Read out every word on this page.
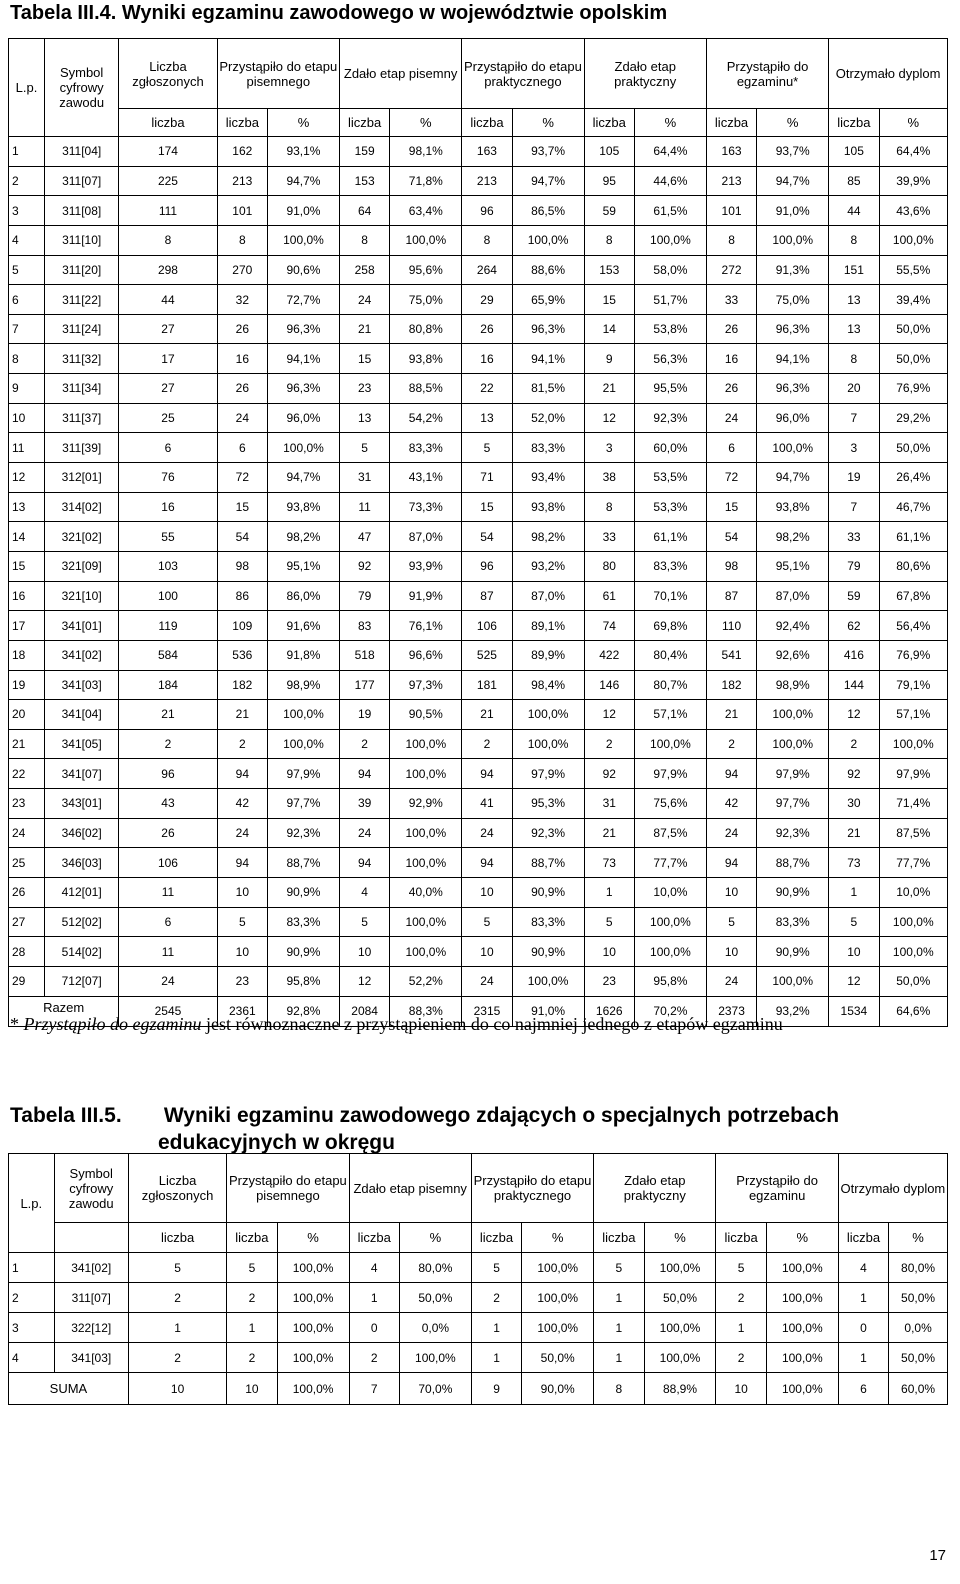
Tabela III.4. Wyniki egzaminu zawodowego w województwie opolskim
L.p.	Symbol cyfrowy zawodu	Liczba zgłoszonych	Przystąpiło do etapu pisemnego		Zdało etap pisemny		Przystąpiło do etapu praktycznego		Zdało etap praktyczny		Przystąpiło do egzaminu*		Otrzymało dyplom	
		liczba	liczba	%	liczba	%	liczba	%	liczba	%	liczba	%	liczba	%
1	311[04]	174	162	93,1%	159	98,1%	163	93,7%	105	64,4%	163	93,7%	105	64,4%
2	311[07]	225	213	94,7%	153	71,8%	213	94,7%	95	44,6%	213	94,7%	85	39,9%
3	311[08]	111	101	91,0%	64	63,4%	96	86,5%	59	61,5%	101	91,0%	44	43,6%
4	311[10]	8	8	100,0%	8	100,0%	8	100,0%	8	100,0%	8	100,0%	8	100,0%
5	311[20]	298	270	90,6%	258	95,6%	264	88,6%	153	58,0%	272	91,3%	151	55,5%
6	311[22]	44	32	72,7%	24	75,0%	29	65,9%	15	51,7%	33	75,0%	13	39,4%
7	311[24]	27	26	96,3%	21	80,8%	26	96,3%	14	53,8%	26	96,3%	13	50,0%
8	311[32]	17	16	94,1%	15	93,8%	16	94,1%	9	56,3%	16	94,1%	8	50,0%
9	311[34]	27	26	96,3%	23	88,5%	22	81,5%	21	95,5%	26	96,3%	20	76,9%
10	311[37]	25	24	96,0%	13	54,2%	13	52,0%	12	92,3%	24	96,0%	7	29,2%
11	311[39]	6	6	100,0%	5	83,3%	5	83,3%	3	60,0%	6	100,0%	3	50,0%
12	312[01]	76	72	94,7%	31	43,1%	71	93,4%	38	53,5%	72	94,7%	19	26,4%
13	314[02]	16	15	93,8%	11	73,3%	15	93,8%	8	53,3%	15	93,8%	7	46,7%
14	321[02]	55	54	98,2%	47	87,0%	54	98,2%	33	61,1%	54	98,2%	33	61,1%
15	321[09]	103	98	95,1%	92	93,9%	96	93,2%	80	83,3%	98	95,1%	79	80,6%
16	321[10]	100	86	86,0%	79	91,9%	87	87,0%	61	70,1%	87	87,0%	59	67,8%
17	341[01]	119	109	91,6%	83	76,1%	106	89,1%	74	69,8%	110	92,4%	62	56,4%
18	341[02]	584	536	91,8%	518	96,6%	525	89,9%	422	80,4%	541	92,6%	416	76,9%
19	341[03]	184	182	98,9%	177	97,3%	181	98,4%	146	80,7%	182	98,9%	144	79,1%
20	341[04]	21	21	100,0%	19	90,5%	21	100,0%	12	57,1%	21	100,0%	12	57,1%
21	341[05]	2	2	100,0%	2	100,0%	2	100,0%	2	100,0%	2	100,0%	2	100,0%
22	341[07]	96	94	97,9%	94	100,0%	94	97,9%	92	97,9%	94	97,9%	92	97,9%
23	343[01]	43	42	97,7%	39	92,9%	41	95,3%	31	75,6%	42	97,7%	30	71,4%
24	346[02]	26	24	92,3%	24	100,0%	24	92,3%	21	87,5%	24	92,3%	21	87,5%
25	346[03]	106	94	88,7%	94	100,0%	94	88,7%	73	77,7%	94	88,7%	73	77,7%
26	412[01]	11	10	90,9%	4	40,0%	10	90,9%	1	10,0%	10	90,9%	1	10,0%
27	512[02]	6	5	83,3%	5	100,0%	5	83,3%	5	100,0%	5	83,3%	5	100,0%
28	514[02]	11	10	90,9%	10	100,0%	10	90,9%	10	100,0%	10	90,9%	10	100,0%
29	712[07]	24	23	95,8%	12	52,2%	24	100,0%	23	95,8%	24	100,0%	12	50,0%
Razem		2545	2361	92,8%	2084	88,3%	2315	91,0%	1626	70,2%	2373	93,2%	1534	64,6%
* Przystąpiło do egzaminu jest równoznaczne z przystąpieniem do co najmniej jednego z etapów egzaminu
Tabela III.5. Wyniki egzaminu zawodowego zdających o specjalnych potrzebach
edukacyjnych w okręgu
L.p.	Symbol cyfrowy zawodu	Liczba zgłoszonych	Przystąpiło do etapu pisemnego		Zdało etap pisemny		Przystąpiło do etapu praktycznego		Zdało etap praktyczny		Przystąpiło do egzaminu		Otrzymało dyplom	
		liczba	liczba	%	liczba	%	liczba	%	liczba	%	liczba	%	liczba	%
1	341[02]	5	5	100,0%	4	80,0%	5	100,0%	5	100,0%	5	100,0%	4	80,0%
2	311[07]	2	2	100,0%	1	50,0%	2	100,0%	1	50,0%	2	100,0%	1	50,0%
3	322[12]	1	1	100,0%	0	0,0%	1	100,0%	1	100,0%	1	100,0%	0	0,0%
4	341[03]	2	2	100,0%	2	100,0%	1	50,0%	1	100,0%	2	100,0%	1	50,0%
SUMA		10	10	100,0%	7	70,0%	9	90,0%	8	88,9%	10	100,0%	6	60,0%
17
